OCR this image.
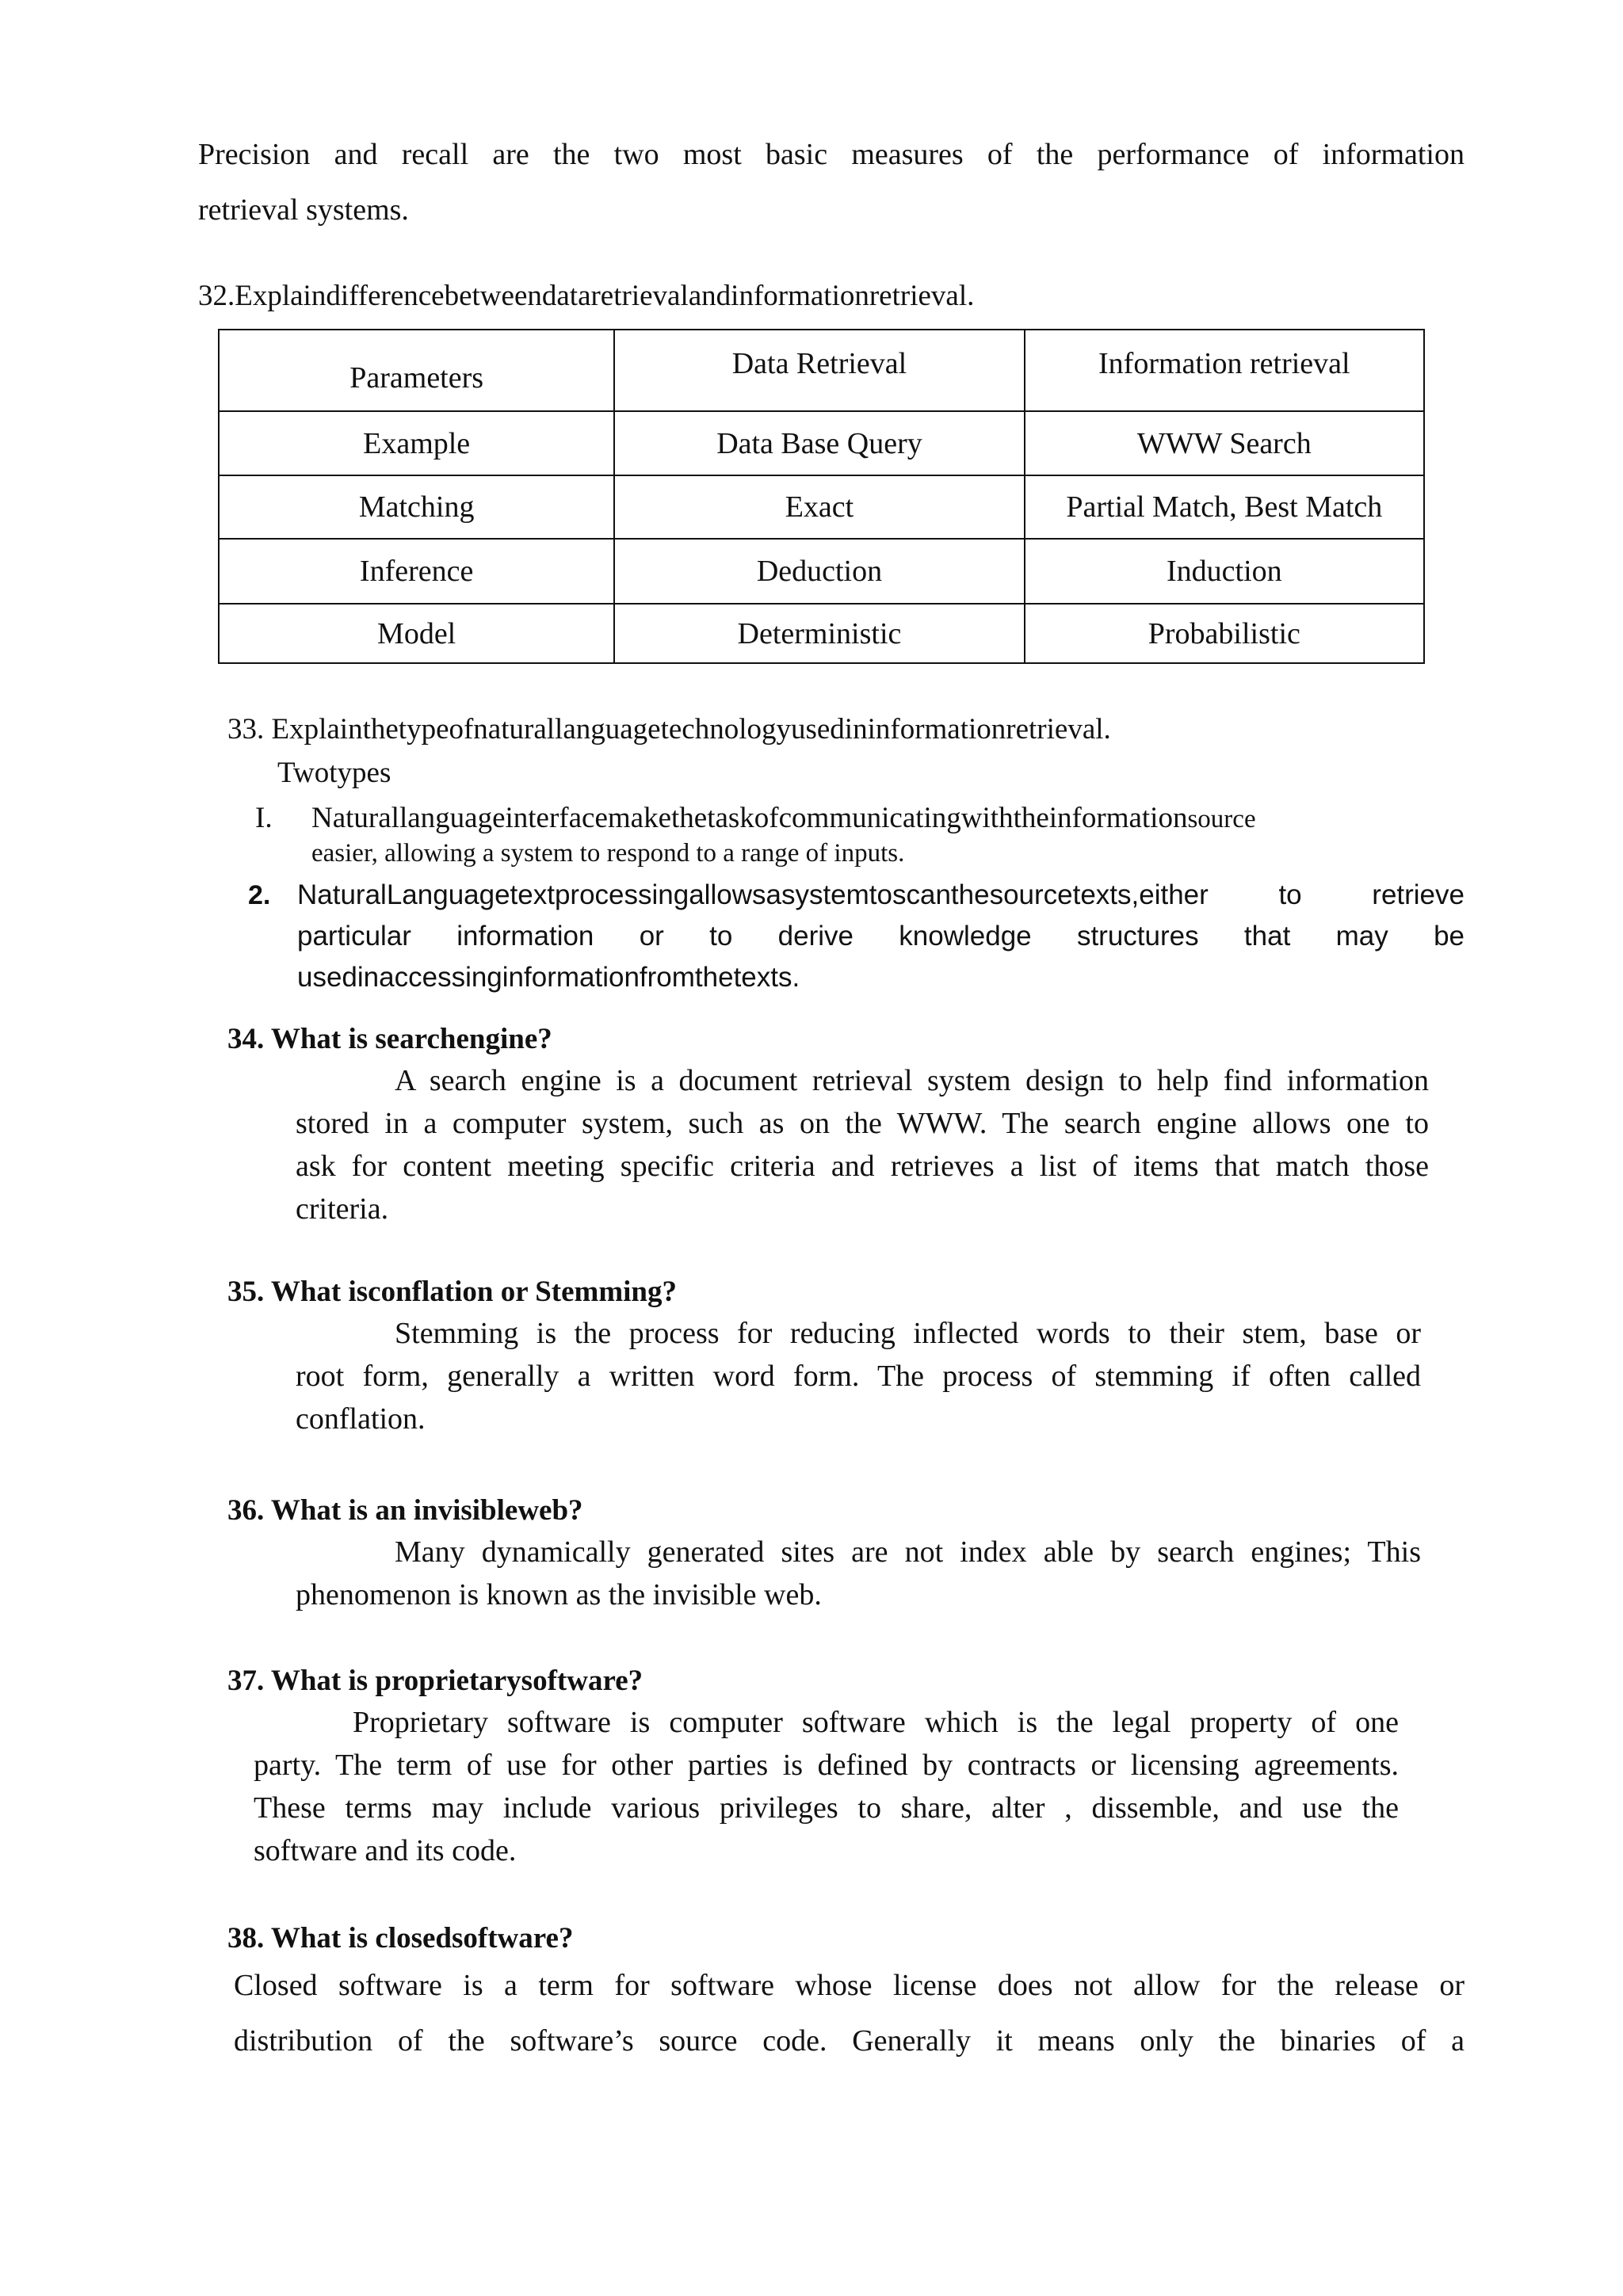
Precision and recall are the two most basic measures of the performance of information
retrieval systems.
32.Explaindifferencebetweendataretrievalandinformationretrieval.
Parameters	Data Retrieval	Information retrieval
Example	Data Base Query	WWW Search
Matching	Exact	Partial Match, Best Match
Inference	Deduction	Induction
Model	Deterministic	Probabilistic
33. Explainthetypeofnaturallanguagetechnologyusedininformationretrieval.
Twotypes
I. Naturallanguageinterfacemakethetaskofcommunicatingwiththeinformationsource
easier, allowing a system to respond to a range of inputs.
2. NaturalLanguagetextprocessingallowsasystemtoscanthesourcetexts,either to retrieve
particular information or to derive knowledge structures that may be
usedinaccessinginformationfromthetexts.
34. What is searchengine?
A search engine is a document retrieval system design to help find information
stored in a computer system, such as on the WWW. The search engine allows one to
ask for content meeting specific criteria and retrieves a list of items that match those
criteria.
35. What isconflation or Stemming?
Stemming is the process for reducing inflected words to their stem, base or
root form, generally a written word form. The process of stemming if often called
conflation.
36. What is an invisibleweb?
Many dynamically generated sites are not index able by search engines; This
phenomenon is known as the invisible web.
37. What is proprietarysoftware?
Proprietary software is computer software which is the legal property of one
party. The term of use for other parties is defined by contracts or licensing agreements.
These terms may include various privileges to share, alter , dissemble, and use the
software and its code.
38. What is closedsoftware?
Closed software is a term for software whose license does not allow for the release or
distribution of the software’s source code. Generally it means only the binaries of a
